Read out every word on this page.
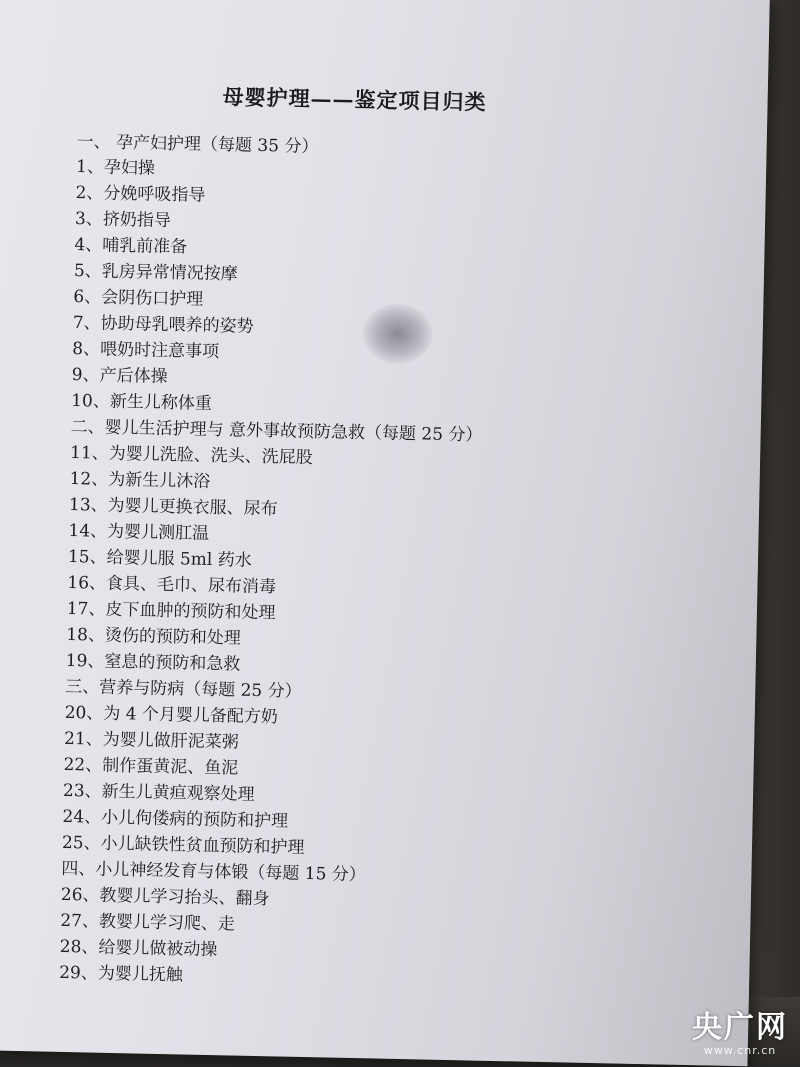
母婴护理——鉴定项目归类
一、 孕产妇护理（每题 35 分）
1、孕妇操
2、分娩呼吸指导
3、挤奶指导
4、哺乳前准备
5、乳房异常情况按摩
6、会阴伤口护理
7、协助母乳喂养的姿势
8、喂奶时注意事项
9、产后体操
10、新生儿称体重
二、婴儿生活护理与 意外事故预防急救（每题 25 分）
11、为婴儿洗脸、洗头、洗屁股
12、为新生儿沐浴
13、为婴儿更换衣服、尿布
14、为婴儿测肛温
15、给婴儿服 5ml 药水
16、食具、毛巾、尿布消毒
17、皮下血肿的预防和处理
18、烫伤的预防和处理
19、窒息的预防和急救
三、营养与防病（每题 25 分）
20、为 4 个月婴儿备配方奶
21、为婴儿做肝泥菜粥
22、制作蛋黄泥、鱼泥
23、新生儿黄疸观察处理
24、小儿佝偻病的预防和护理
25、小儿缺铁性贫血预防和护理
四、小儿神经发育与体锻（每题 15 分）
26、教婴儿学习抬头、翻身
27、教婴儿学习爬、走
28、给婴儿做被动操
29、为婴儿抚触
央广网
www.cnr.cn
